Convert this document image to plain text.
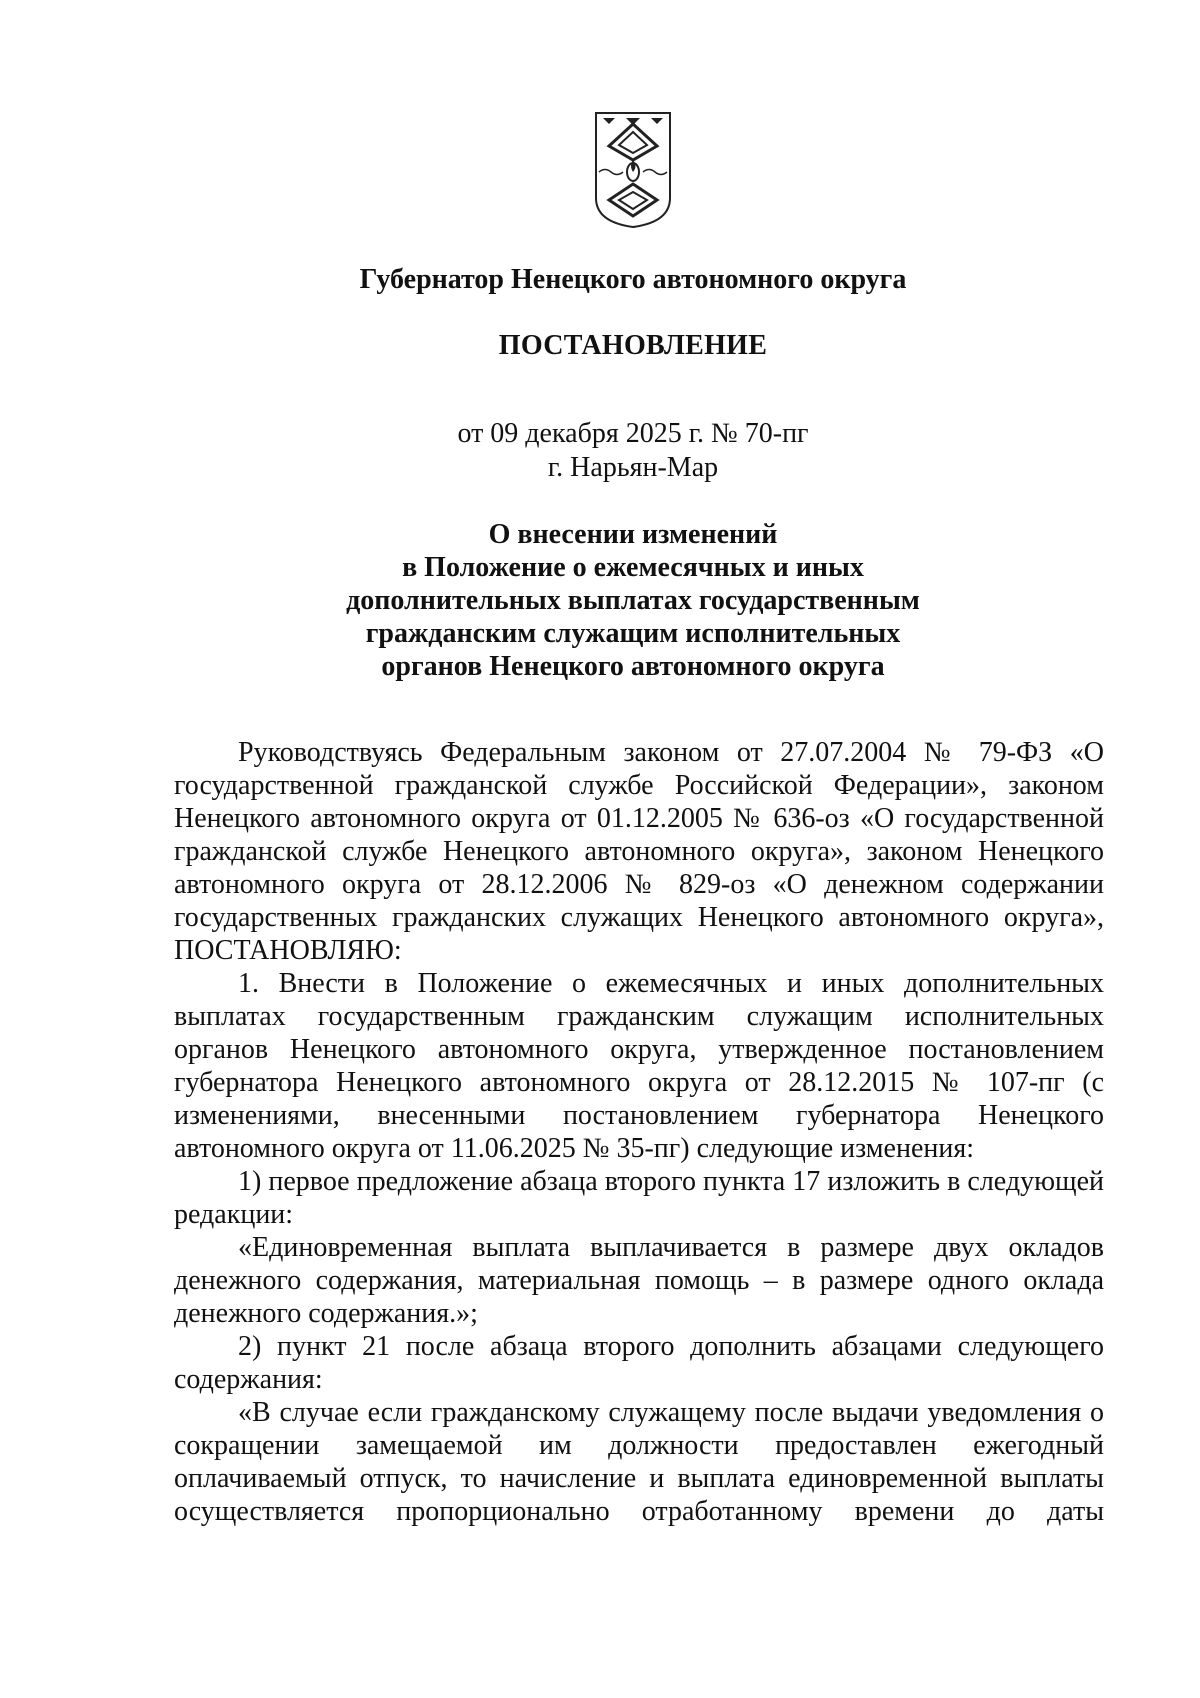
Губернатор Ненецкого автономного округа
ПОСТАНОВЛЕНИЕ
от 09 декабря 2025 г. № 70-пг
г. Нарьян-Мар
О внесении изменений
в Положение о ежемесячных и иных
дополнительных выплатах государственным
гражданским служащим исполнительных
органов Ненецкого автономного округа

Руководствуясь Федеральным законом от 27.07.2004 № 79-ФЗ «О государственной гражданской службе Российской Федерации», законом Ненецкого автономного округа от 01.12.2005 № 636-оз «О государственной гражданской службе Ненецкого автономного округа», законом Ненецкого автономного округа от 28.12.2006 № 829-оз «О денежном содержании государственных гражданских служащих Ненецкого автономного округа», ПОСТАНОВЛЯЮ:

1. Внести в Положение о ежемесячных и иных дополнительных выплатах государственным гражданским служащим исполнительных органов Ненецкого автономного округа, утвержденное постановлением губернатора Ненецкого автономного округа от 28.12.2015 № 107-пг (с изменениями, внесенными постановлением губернатора Ненецкого автономного округа от 11.06.2025 № 35-пг) следующие изменения:

1) первое предложение абзаца второго пункта 17 изложить в следующей редакции:

«Единовременная выплата выплачивается в размере двух окладов денежного содержания, материальная помощь – в размере одного оклада денежного содержания.»;

2) пункт 21 после абзаца второго дополнить абзацами следующего содержания:

«В случае если гражданскому служащему после выдачи уведомления о сокращении замещаемой им должности предоставлен ежегодный оплачиваемый отпуск, то начисление и выплата единовременной выплаты осуществляется пропорционально отработанному времени до даты
